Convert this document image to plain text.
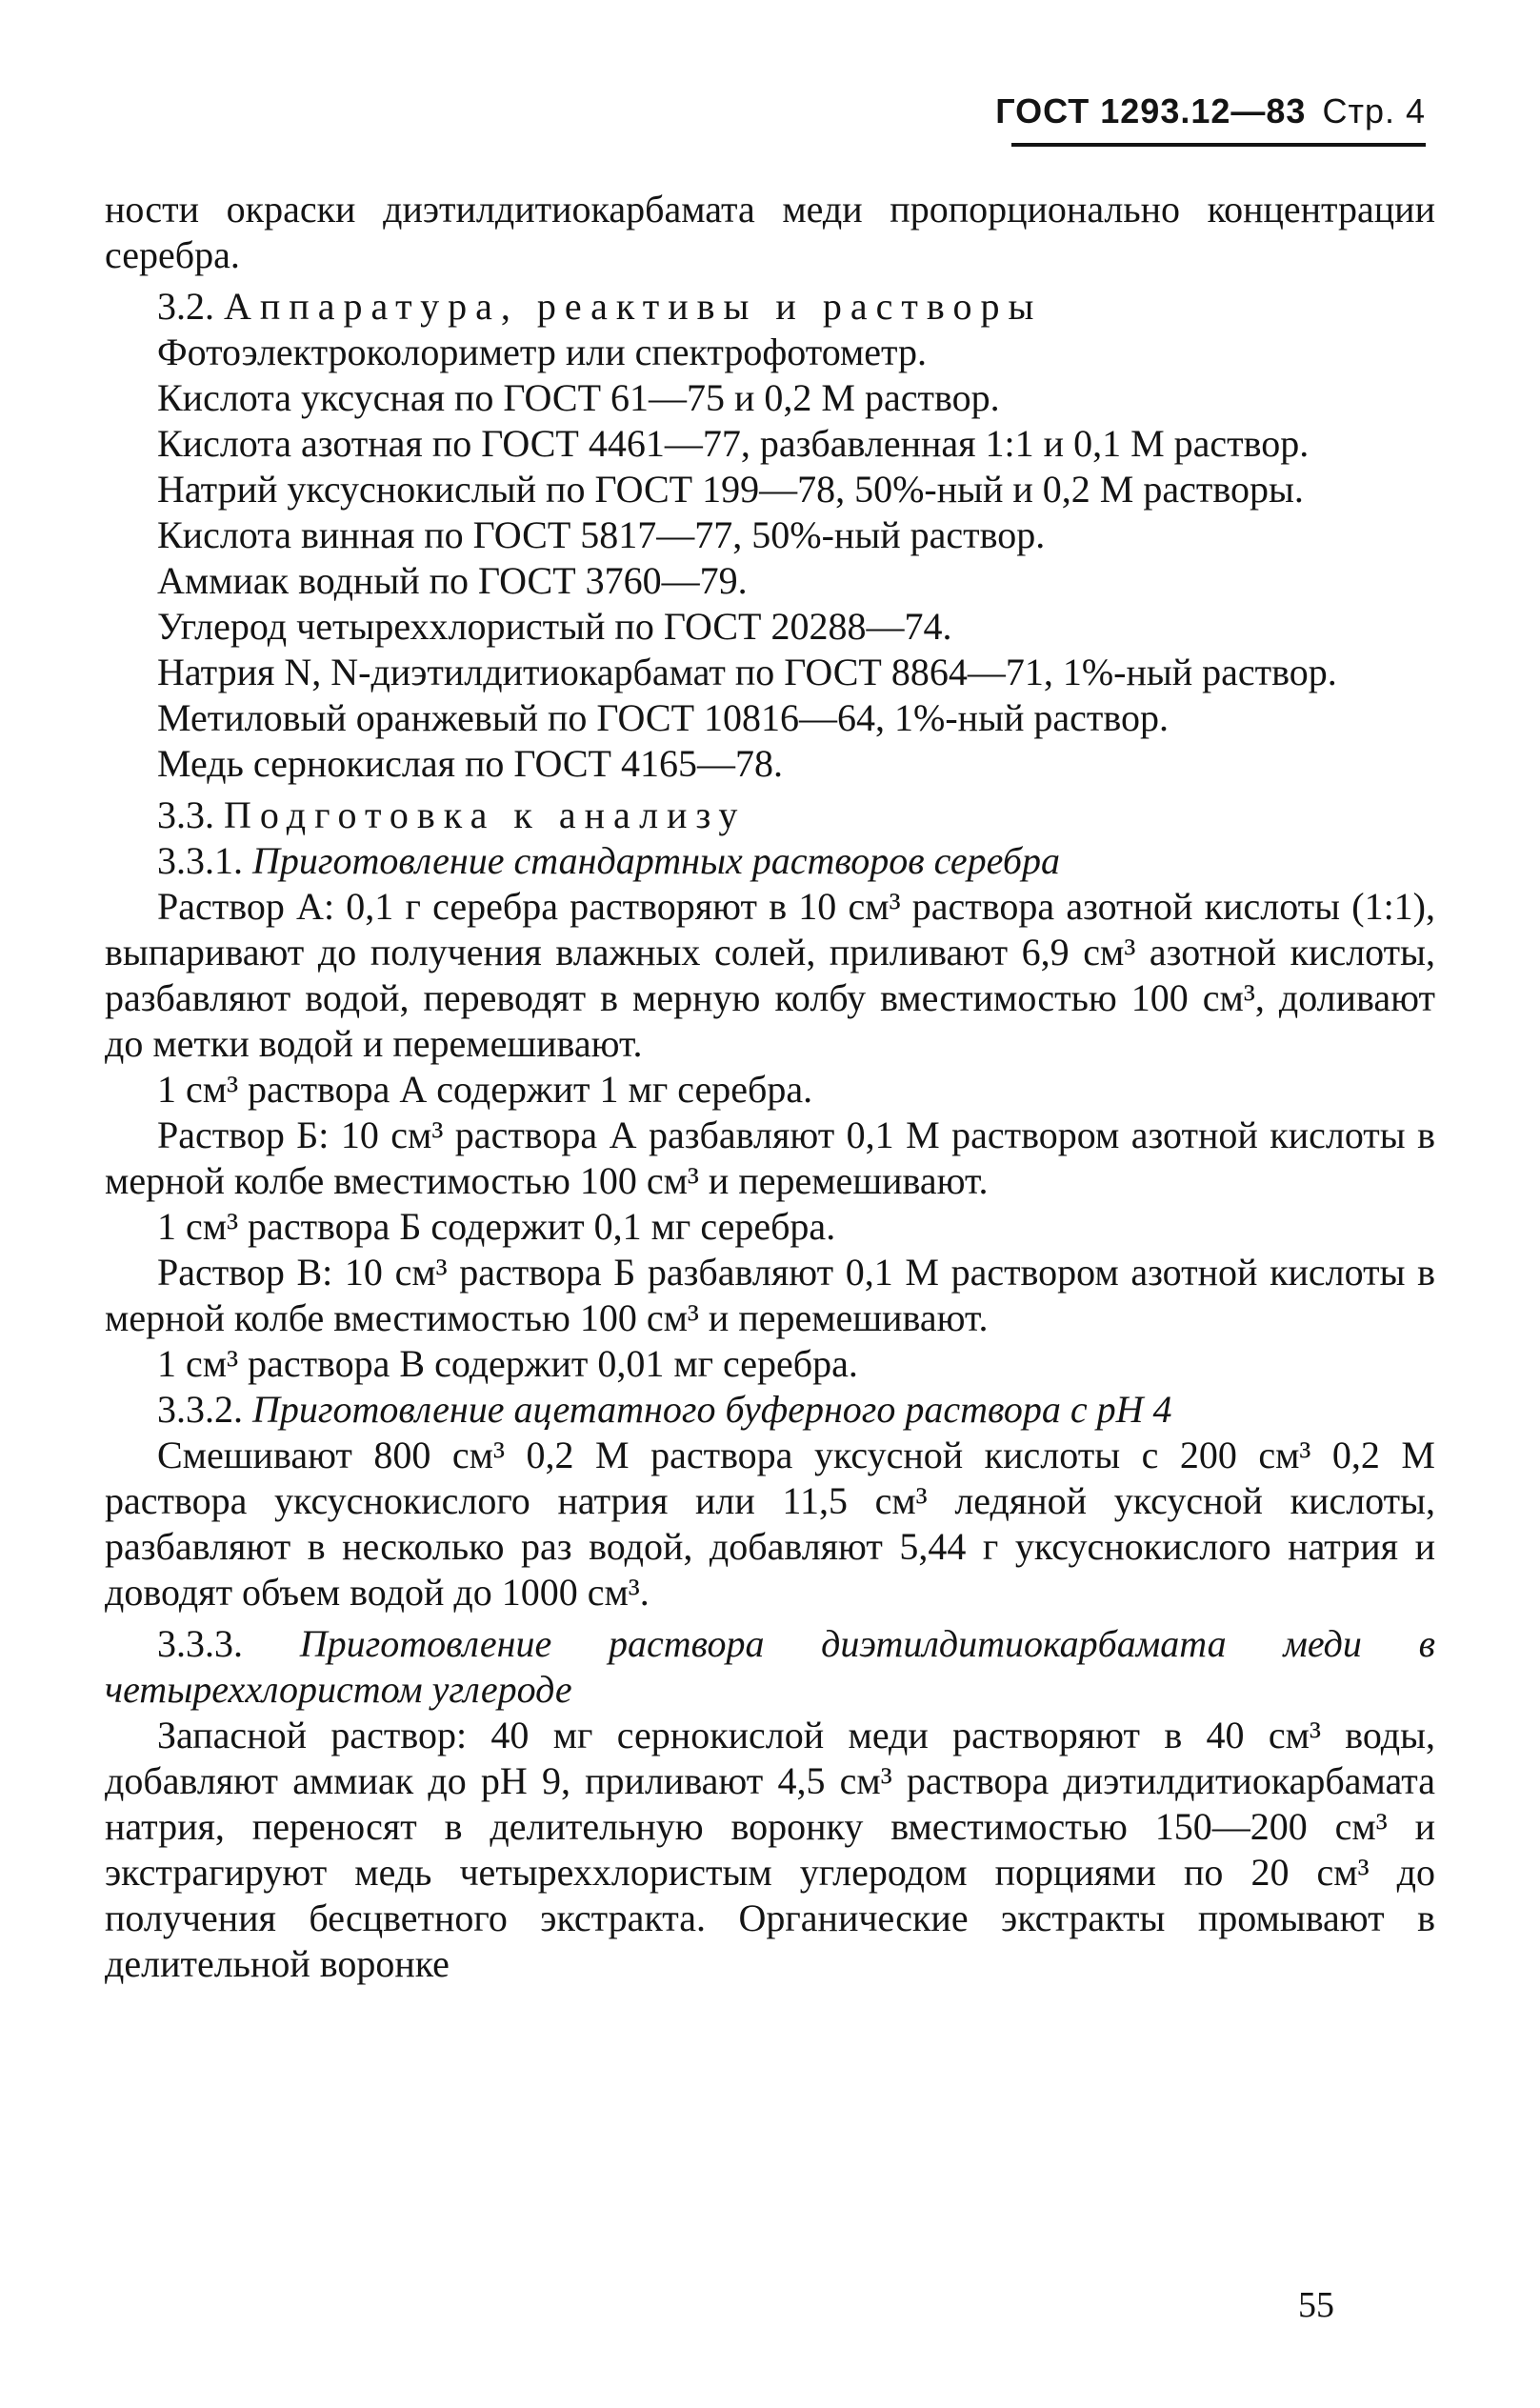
ГОСТ 1293.12—83 Стр. 4

ности окраски диэтилдитиокарбамата меди пропорционально концентрации серебра.

3.2. Аппаратура, реактивы и растворы

Фотоэлектроколориметр или спектрофотометр.

Кислота уксусная по ГОСТ 61—75 и 0,2 М раствор.

Кислота азотная по ГОСТ 4461—77, разбавленная 1:1 и 0,1 М раствор.

Натрий уксуснокислый по ГОСТ 199—78, 50%-ный и 0,2 М растворы.

Кислота винная по ГОСТ 5817—77, 50%-ный раствор.

Аммиак водный по ГОСТ 3760—79.

Углерод четыреххлористый по ГОСТ 20288—74.

Натрия N, N-диэтилдитиокарбамат по ГОСТ 8864—71, 1%-ный раствор.

Метиловый оранжевый по ГОСТ 10816—64, 1%-ный раствор.

Медь сернокислая по ГОСТ 4165—78.

3.3. Подготовка к анализу

3.3.1. Приготовление стандартных растворов серебра

Раствор А: 0,1 г серебра растворяют в 10 см³ раствора азотной кислоты (1:1), выпаривают до получения влажных солей, приливают 6,9 см³ азотной кислоты, разбавляют водой, переводят в мерную колбу вместимостью 100 см³, доливают до метки водой и перемешивают.

1 см³ раствора А содержит 1 мг серебра.

Раствор Б: 10 см³ раствора А разбавляют 0,1 М раствором азотной кислоты в мерной колбе вместимостью 100 см³ и перемешивают.

1 см³ раствора Б содержит 0,1 мг серебра.

Раствор В: 10 см³ раствора Б разбавляют 0,1 М раствором азотной кислоты в мерной колбе вместимостью 100 см³ и перемешивают.

1 см³ раствора В содержит 0,01 мг серебра.

3.3.2. Приготовление ацетатного буферного раствора с рН 4

Смешивают 800 см³ 0,2 М раствора уксусной кислоты с 200 см³ 0,2 М раствора уксуснокислого натрия или 11,5 см³ ледяной уксусной кислоты, разбавляют в несколько раз водой, добавляют 5,44 г уксуснокислого натрия и доводят объем водой до 1000 см³.

3.3.3. Приготовление раствора диэтилдитиокарбамата меди в четыреххлористом углероде

Запасной раствор: 40 мг сернокислой меди растворяют в 40 см³ воды, добавляют аммиак до рН 9, приливают 4,5 см³ раствора диэтилдитиокарбамата натрия, переносят в делительную воронку вместимостью 150—200 см³ и экстрагируют медь четыреххлористым углеродом порциями по 20 см³ до получения бесцветного экстракта. Органические экстракты промывают в делительной воронке

55
